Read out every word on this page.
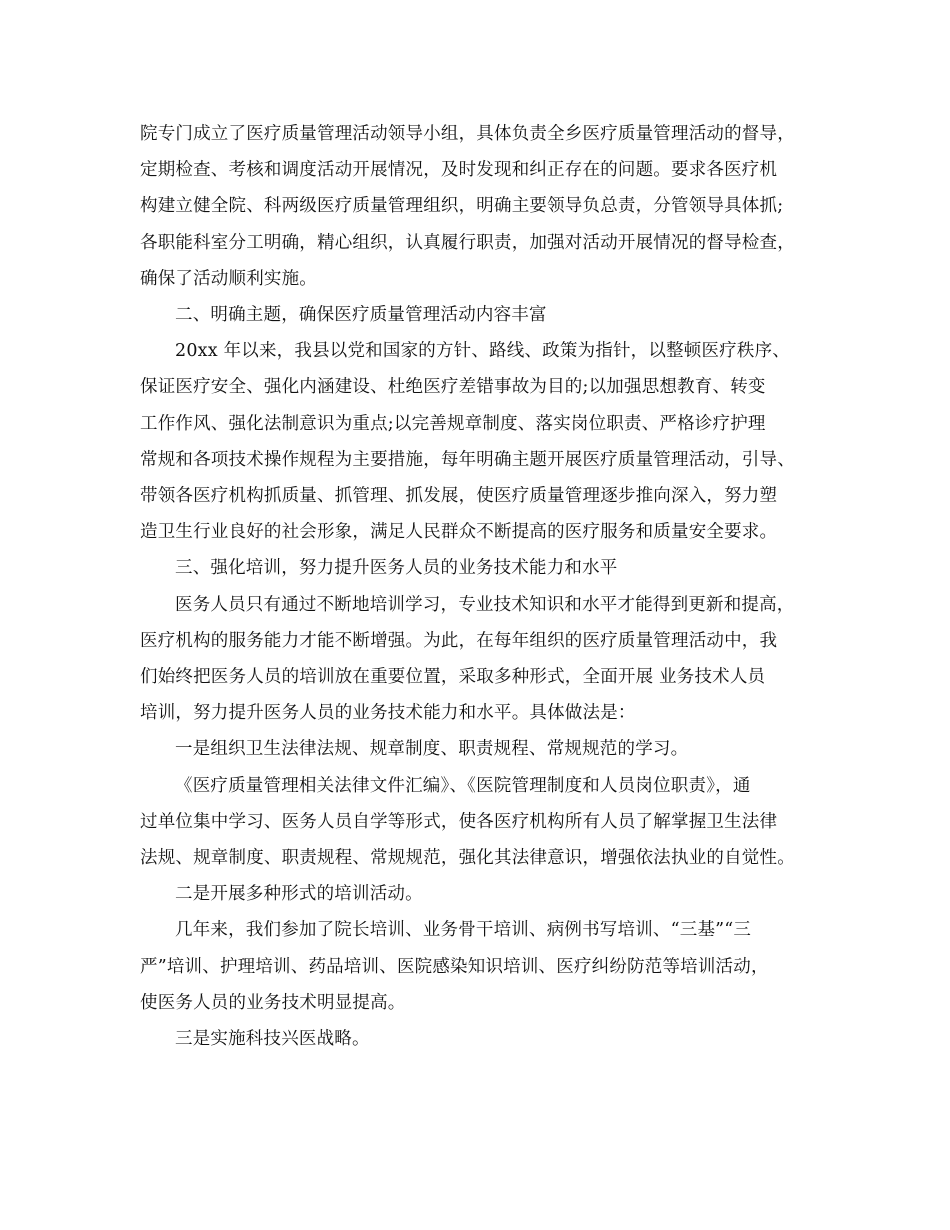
院专门成立了医疗质量管理活动领导小组，具体负责全乡医疗质量管理活动的督导，
定期检查、考核和调度活动开展情况，及时发现和纠正存在的问题。要求各医疗机
构建立健全院、科两级医疗质量管理组织，明确主要领导负总责，分管领导具体抓;
各职能科室分工明确，精心组织，认真履行职责，加强对活动开展情况的督导检查，
确保了活动顺利实施。

二、明确主题，确保医疗质量管理活动内容丰富

20xx 年以来，我县以党和国家的方针、路线、政策为指针，以整顿医疗秩序、
保证医疗安全、强化内涵建设、杜绝医疗差错事故为目的;以加强思想教育、转变
工作作风、强化法制意识为重点;以完善规章制度、落实岗位职责、严格诊疗护理
常规和各项技术操作规程为主要措施，每年明确主题开展医疗质量管理活动，引导、
带领各医疗机构抓质量、抓管理、抓发展，使医疗质量管理逐步推向深入，努力塑
造卫生行业良好的社会形象，满足人民群众不断提高的医疗服务和质量安全要求。

三、强化培训，努力提升医务人员的业务技术能力和水平

医务人员只有通过不断地培训学习，专业技术知识和水平才能得到更新和提高，
医疗机构的服务能力才能不断增强。为此，在每年组织的医疗质量管理活动中，我
们始终把医务人员的培训放在重要位置，采取多种形式，全面开展 业务技术人员
培训，努力提升医务人员的业务技术能力和水平。具体做法是：

一是组织卫生法律法规、规章制度、职责规程、常规规范的学习。

《医疗质量管理相关法律文件汇编》、《医院管理制度和人员岗位职责》，通
过单位集中学习、医务人员自学等形式，使各医疗机构所有人员了解掌握卫生法律
法规、规章制度、职责规程、常规规范，强化其法律意识，增强依法执业的自觉性。

二是开展多种形式的培训活动。

几年来，我们参加了院长培训、业务骨干培训、病例书写培训、“三基”“三
严”培训、护理培训、药品培训、医院感染知识培训、医疗纠纷防范等培训活动，
使医务人员的业务技术明显提高。

三是实施科技兴医战略。
